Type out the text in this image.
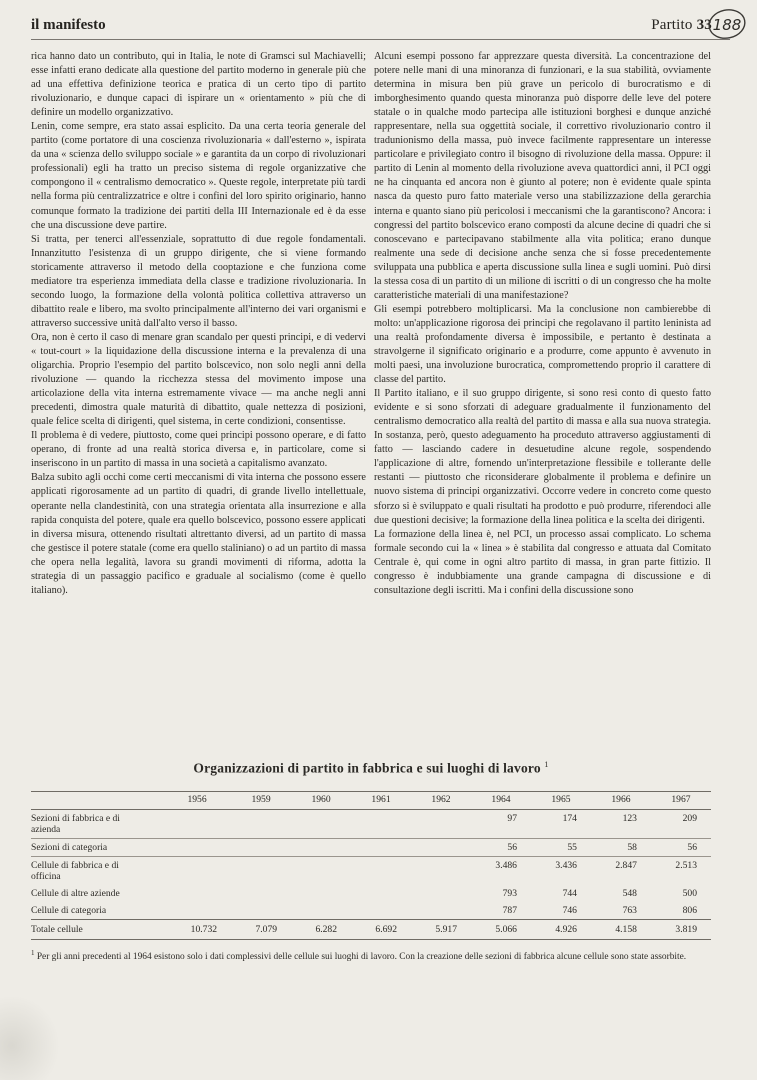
il manifesto	Partito 33 188

rica hanno dato un contributo, qui in Italia, le note di Gramsci sul Machiavelli; esse infatti erano dedicate alla questione del partito moderno in generale più che ad una effettiva definizione teorica e pratica di un certo tipo di partito rivoluzionario, e dunque capaci di ispirare un « orientamento » più che di definire un modello organizzativo.

Lenin, come sempre, era stato assai esplicito. Da una certa teoria generale del partito (come portatore di una coscienza rivoluzionaria « dall'esterno », ispirata da una « scienza dello sviluppo sociale » e garantita da un corpo di rivoluzionari professionali) egli ha tratto un preciso sistema di regole organizzative che compongono il « centralismo democratico ». Queste regole, interpretate più tardi nella forma più centralizzatrice e oltre i confini del loro spirito originario, hanno comunque formato la tradizione dei partiti della III Internazionale ed è da esse che una discussione deve partire.

Si tratta, per tenerci all'essenziale, soprattutto di due regole fondamentali. Innanzitutto l'esistenza di un gruppo dirigente, che si viene formando storicamente attraverso il metodo della cooptazione e che funziona come mediatore tra esperienza immediata della classe e tradizione rivoluzionaria. In secondo luogo, la formazione della volontà politica collettiva attraverso un dibattito reale e libero, ma svolto principalmente all'interno dei vari organismi e attraverso successive unità dall'alto verso il basso.

Ora, non è certo il caso di menare gran scandalo per questi principi, e di vedervi « tout-court » la liquidazione della discussione interna e la prevalenza di una oligarchia. Proprio l'esempio del partito bolscevico, non solo negli anni della rivoluzione — quando la ricchezza stessa del movimento impose una articolazione della vita interna estremamente vivace — ma anche negli anni precedenti, dimostra quale maturità di dibattito, quale nettezza di posizioni, quale felice scelta di dirigenti, quel sistema, in certe condizioni, consentisse.

Il problema è di vedere, piuttosto, come quei principi possono operare, e di fatto operano, di fronte ad una realtà storica diversa e, in particolare, come si inseriscono in un partito di massa in una società a capitalismo avanzato.

Balza subito agli occhi come certi meccanismi di vita interna che possono essere applicati rigorosamente ad un partito di quadri, di grande livello intellettuale, operante nella clandestinità, con una strategia orientata alla insurrezione e alla rapida conquista del potere, quale era quello bolscevico, possono essere applicati in diversa misura, ottenendo risultati altrettanto diversi, ad un partito di massa che gestisce il potere statale (come era quello staliniano) o ad un partito di massa che opera nella legalità, lavora su grandi movimenti di riforma, adotta la strategia di un passaggio pacifico e graduale al socialismo (come è quello italiano).

Alcuni esempi possono far apprezzare questa diversità. La concentrazione del potere nelle mani di una minoranza di funzionari, e la sua stabilità, ovviamente determina in misura ben più grave un pericolo di burocratismo e di imborghesimento quando questa minoranza può disporre delle leve del potere statale o in qualche modo partecipa alle istituzioni borghesi e dunque anziché rappresentare, nella sua oggettità sociale, il correttivo rivoluzionario contro il tradunionismo della massa, può invece facilmente rappresentare un interesse particolare e privilegiato contro il bisogno di rivoluzione della massa. Oppure: il partito di Lenin al momento della rivoluzione aveva quattordici anni, il PCI oggi ne ha cinquanta ed ancora non è giunto al potere; non è evidente quale spinta nasca da questo puro fatto materiale verso una stabilizzazione della gerarchia interna e quanto siano più pericolosi i meccanismi che la garantiscono? Ancora: i congressi del partito bolscevico erano composti da alcune decine di quadri che si conoscevano e partecipavano stabilmente alla vita politica; erano dunque realmente una sede di decisione anche senza che si fosse precedentemente sviluppata una pubblica e aperta discussione sulla linea e sugli uomini. Può dirsi la stessa cosa di un partito di un milione di iscritti o di un congresso che ha molte caratteristiche materiali di una manifestazione?

Gli esempi potrebbero moltiplicarsi. Ma la conclusione non cambierebbe di molto: un'applicazione rigorosa dei principi che regolavano il partito leninista ad una realtà profondamente diversa è impossibile, e pertanto è destinata a stravolgerne il significato originario e a produrre, come appunto è avvenuto in molti paesi, una involuzione burocratica, compromettendo proprio il carattere di classe del partito.

Il Partito italiano, e il suo gruppo dirigente, si sono resi conto di questo fatto evidente e si sono sforzati di adeguare gradualmente il funzionamento del centralismo democratico alla realtà del partito di massa e alla sua nuova strategia. In sostanza, però, questo adeguamento ha proceduto attraverso aggiustamenti di fatto — lasciando cadere in desuetudine alcune regole, sospendendo l'applicazione di altre, fornendo un'interpretazione flessibile e tollerante delle restanti — piuttosto che riconsiderare globalmente il problema e definire un nuovo sistema di principi organizzativi. Occorre vedere in concreto come questo sforzo si è sviluppato e quali risultati ha prodotto e può produrre, riferendoci alle due questioni decisive; la formazione della linea politica e la scelta dei dirigenti.

La formazione della linea è, nel PCI, un processo assai complicato. Lo schema formale secondo cui la « linea » è stabilita dal congresso e attuata dal Comitato Centrale è, qui come in ogni altro partito di massa, in gran parte fittizio. Il congresso è indubbiamente una grande campagna di discussione e di consultazione degli iscritti. Ma i confini della discussione sono

Organizzazioni di partito in fabbrica e sui luoghi di lavoro $^1$
	1956	1959	1960	1961	1962	1964	1965	1966	1967
Sezioni di fabbrica e di azienda						97	174	123	209
Sezioni di categoria						56	55	58	56
Cellule di fabbrica e di officina						3.486	3.436	2.847	2.513
Cellule di altre aziende						793	744	548	500
Cellule di categoria						787	746	763	806
Totale cellule	10.732	7.079	6.282	6.692	5.917	5.066	4.926	4.158	3.819
$^1$ Per gli anni precedenti al 1964 esistono solo i dati complessivi delle cellule sui luoghi di lavoro. Con la creazione delle sezioni di fabbrica alcune cellule sono state assorbite.
